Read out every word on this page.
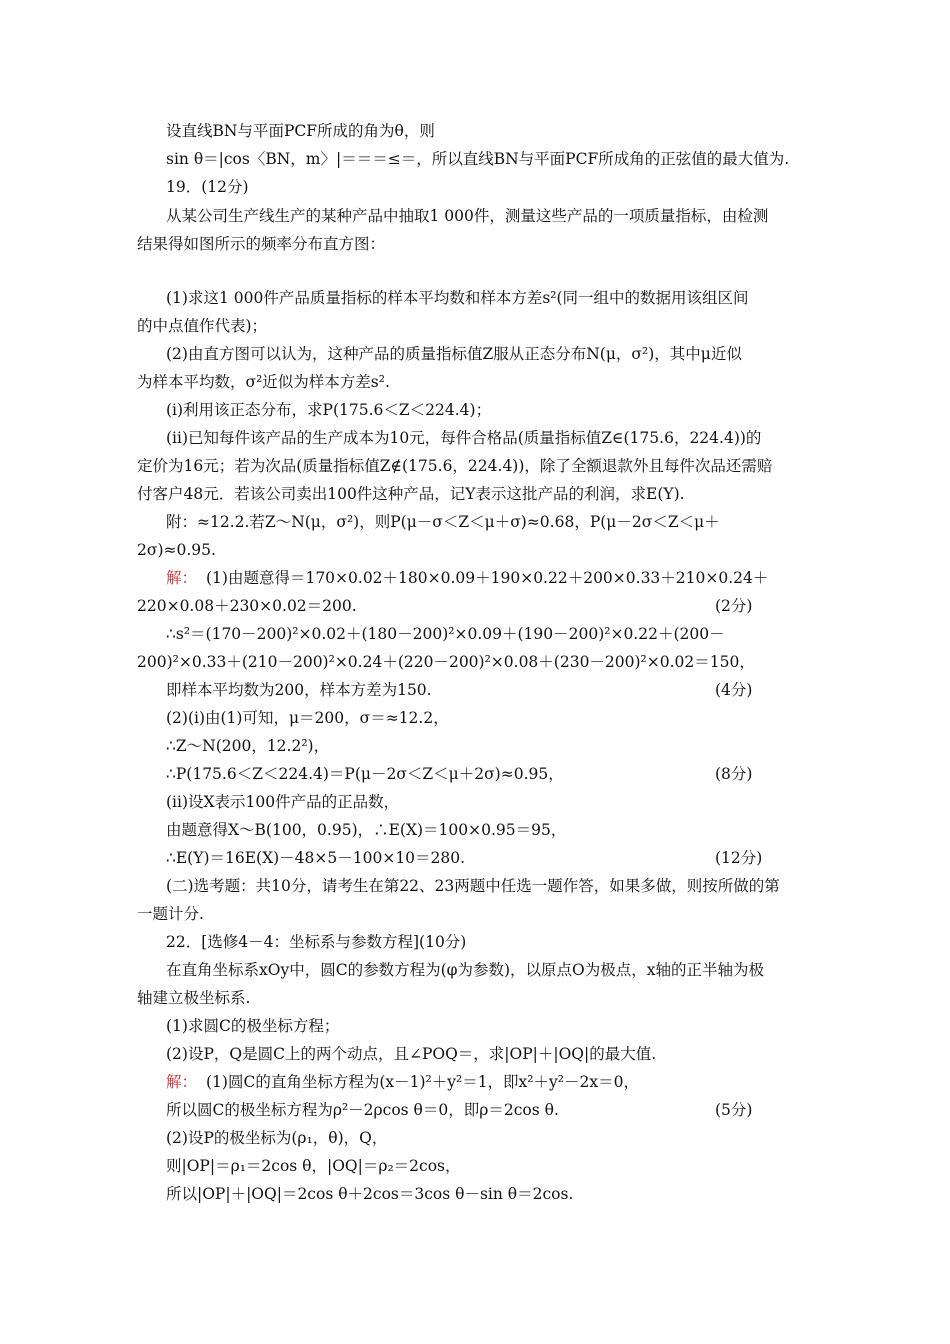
设直线BN与平面PCF所成的角为θ，则
sin θ＝|cos〈BN，m〉|＝＝＝≤＝，所以直线BN与平面PCF所成角的正弦值的最大值为.
19．(12分)
从某公司生产线生产的某种产品中抽取1 000件，测量这些产品的一项质量指标，由检测
结果得如图所示的频率分布直方图：
(1)求这1 000件产品质量指标的样本平均数和样本方差s²(同一组中的数据用该组区间
的中点值作代表)；
(2)由直方图可以认为，这种产品的质量指标值Z服从正态分布N(μ，σ²)，其中μ近似
为样本平均数，σ²近似为样本方差s².
(ⅰ)利用该正态分布，求P(175.6＜Z＜224.4)；
(ⅱ)已知每件该产品的生产成本为10元，每件合格品(质量指标值Z∈(175.6，224.4))的
定价为16元；若为次品(质量指标值Z∉(175.6，224.4))，除了全额退款外且每件次品还需赔
付客户48元．若该公司卖出100件这种产品，记Y表示这批产品的利润，求E(Y).
附：≈12.2.若Z～N(μ，σ²)，则P(μ－σ＜Z＜μ＋σ)≈0.68，P(μ－2σ＜Z＜μ＋
2σ)≈0.95.
解： (1)由题意得＝170×0.02＋180×0.09＋190×0.22＋200×0.33＋210×0.24＋
220×0.08＋230×0.02＝200.	(2分)
∴s²＝(170－200)²×0.02＋(180－200)²×0.09＋(190－200)²×0.22＋(200－
200)²×0.33＋(210－200)²×0.24＋(220－200)²×0.08＋(230－200)²×0.02＝150，
即样本平均数为200，样本方差为150.	(4分)
(2)(ⅰ)由(1)可知，μ＝200，σ＝≈12.2，
∴Z～N(200，12.2²)，
∴P(175.6＜Z＜224.4)＝P(μ－2σ＜Z＜μ＋2σ)≈0.95，	(8分)
(ⅱ)设X表示100件产品的正品数，
由题意得X～B(100，0.95)，∴E(X)＝100×0.95＝95，
∴E(Y)＝16E(X)－48×5－100×10＝280.	(12分)
(二)选考题：共10分，请考生在第22、23两题中任选一题作答，如果多做，则按所做的第
一题计分.
22．[选修4－4：坐标系与参数方程](10分)
在直角坐标系xOy中，圆C的参数方程为(φ为参数)，以原点O为极点，x轴的正半轴为极
轴建立极坐标系.
(1)求圆C的极坐标方程；
(2)设P，Q是圆C上的两个动点，且∠POQ＝，求|OP|＋|OQ|的最大值.
解： (1)圆C的直角坐标方程为(x－1)²＋y²＝1，即x²＋y²－2x＝0，
所以圆C的极坐标方程为ρ²－2ρcos θ＝0，即ρ＝2cos θ.	(5分)
(2)设P的极坐标为(ρ₁，θ)，Q，
则|OP|＝ρ₁＝2cos θ，|OQ|＝ρ₂＝2cos，
所以|OP|＋|OQ|＝2cos θ＋2cos＝3cos θ－sin θ＝2cos.
